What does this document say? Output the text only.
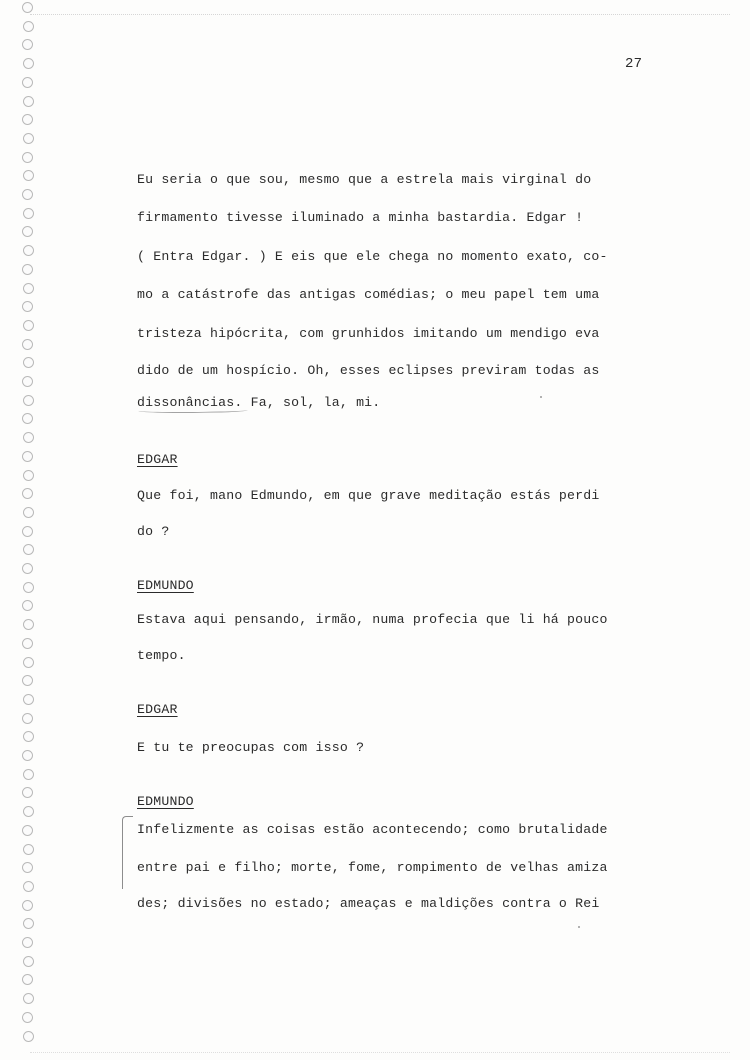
27
Eu seria o que sou, mesmo que a estrela mais virginal do
firmamento tivesse iluminado a minha bastardia. Edgar !
( Entra Edgar. ) E eis que ele chega no momento exato, co-
mo a catástrofe das antigas comédias; o meu papel tem uma
tristeza hipócrita, com grunhidos imitando um mendigo eva
dido de um hospício. Oh, esses eclipses previram todas as
dissonâncias. Fa, sol, la, mi.
EDGAR
Que foi, mano Edmundo, em que grave meditação estás perdi
do ?
EDMUNDO
Estava aqui pensando, irmão, numa profecia que li há pouco
tempo.
EDGAR
E tu te preocupas com isso ?
EDMUNDO
Infelizmente as coisas estão acontecendo; como brutalidade
entre pai e filho; morte, fome, rompimento de velhas amiza
des; divisões no estado; ameaças e maldições contra o Rei
